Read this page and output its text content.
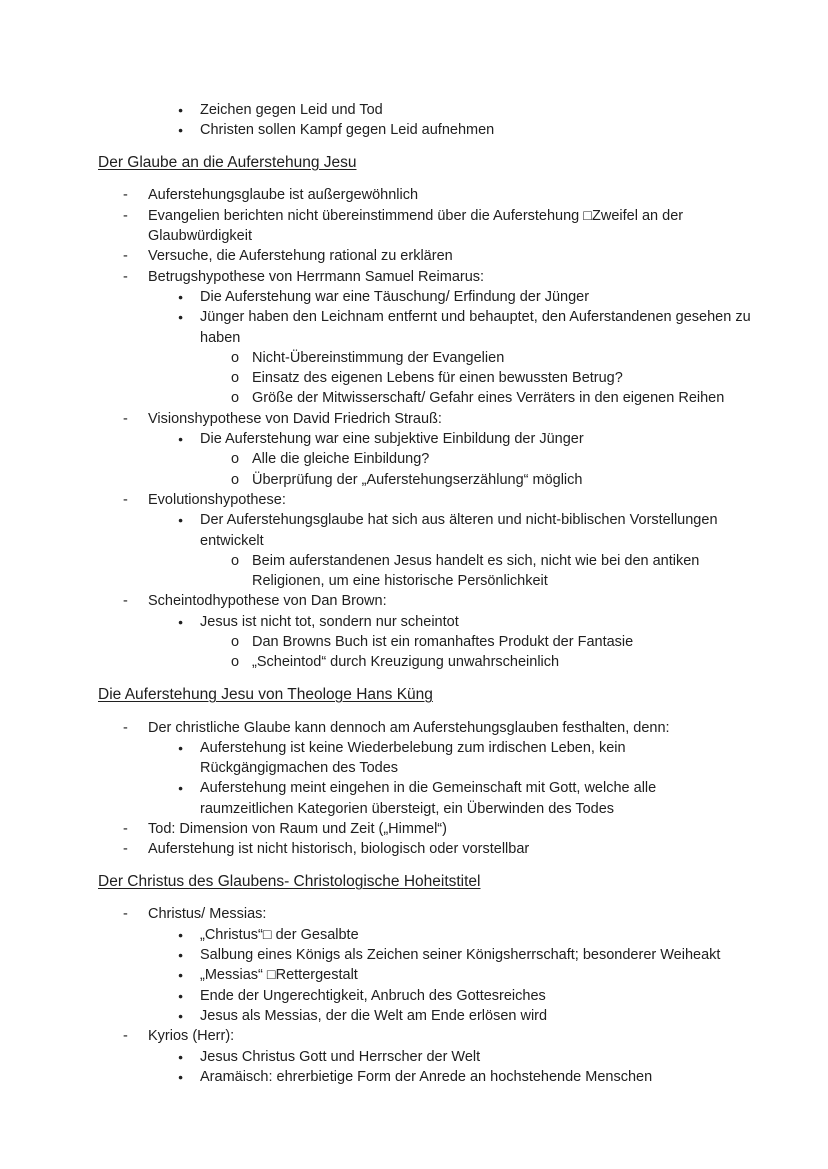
● Zeichen gegen Leid und Tod
● Christen sollen Kampf gegen Leid aufnehmen
Der Glaube an die Auferstehung Jesu
- Auferstehungsglaube ist außergewöhnlich
- Evangelien berichten nicht übereinstimmend über die Auferstehung □Zweifel an der
Glaubwürdigkeit
- Versuche, die Auferstehung rational zu erklären
- Betrugshypothese von Herrmann Samuel Reimarus:
● Die Auferstehung war eine Täuschung/ Erfindung der Jünger
● Jünger haben den Leichnam entfernt und behauptet, den Auferstandenen gesehen zu
haben
o Nicht-Übereinstimmung der Evangelien
o Einsatz des eigenen Lebens für einen bewussten Betrug?
o Größe der Mitwisserschaft/ Gefahr eines Verräters in den eigenen Reihen
- Visionshypothese von David Friedrich Strauß:
● Die Auferstehung war eine subjektive Einbildung der Jünger
o Alle die gleiche Einbildung?
o Überprüfung der „Auferstehungserzählung“ möglich
- Evolutionshypothese:
● Der Auferstehungsglaube hat sich aus älteren und nicht-biblischen Vorstellungen
entwickelt
o Beim auferstandenen Jesus handelt es sich, nicht wie bei den antiken
Religionen, um eine historische Persönlichkeit
- Scheintodhypothese von Dan Brown:
● Jesus ist nicht tot, sondern nur scheintot
o Dan Browns Buch ist ein romanhaftes Produkt der Fantasie
o „Scheintod“ durch Kreuzigung unwahrscheinlich
Die Auferstehung Jesu von Theologe Hans Küng
- Der christliche Glaube kann dennoch am Auferstehungsglauben festhalten, denn:
● Auferstehung ist keine Wiederbelebung zum irdischen Leben, kein
Rückgängigmachen des Todes
● Auferstehung meint eingehen in die Gemeinschaft mit Gott, welche alle
raumzeitlichen Kategorien übersteigt, ein Überwinden des Todes
- Tod: Dimension von Raum und Zeit („Himmel“)
- Auferstehung ist nicht historisch, biologisch oder vorstellbar
Der Christus des Glaubens- Christologische Hoheitstitel
- Christus/ Messias:
● „Christus“□ der Gesalbte
● Salbung eines Königs als Zeichen seiner Königsherrschaft; besonderer Weiheakt
● „Messias“ □Rettergestalt
● Ende der Ungerechtigkeit, Anbruch des Gottesreiches
● Jesus als Messias, der die Welt am Ende erlösen wird
- Kyrios (Herr):
● Jesus Christus Gott und Herrscher der Welt
● Aramäisch: ehrerbietige Form der Anrede an hochstehende Menschen
